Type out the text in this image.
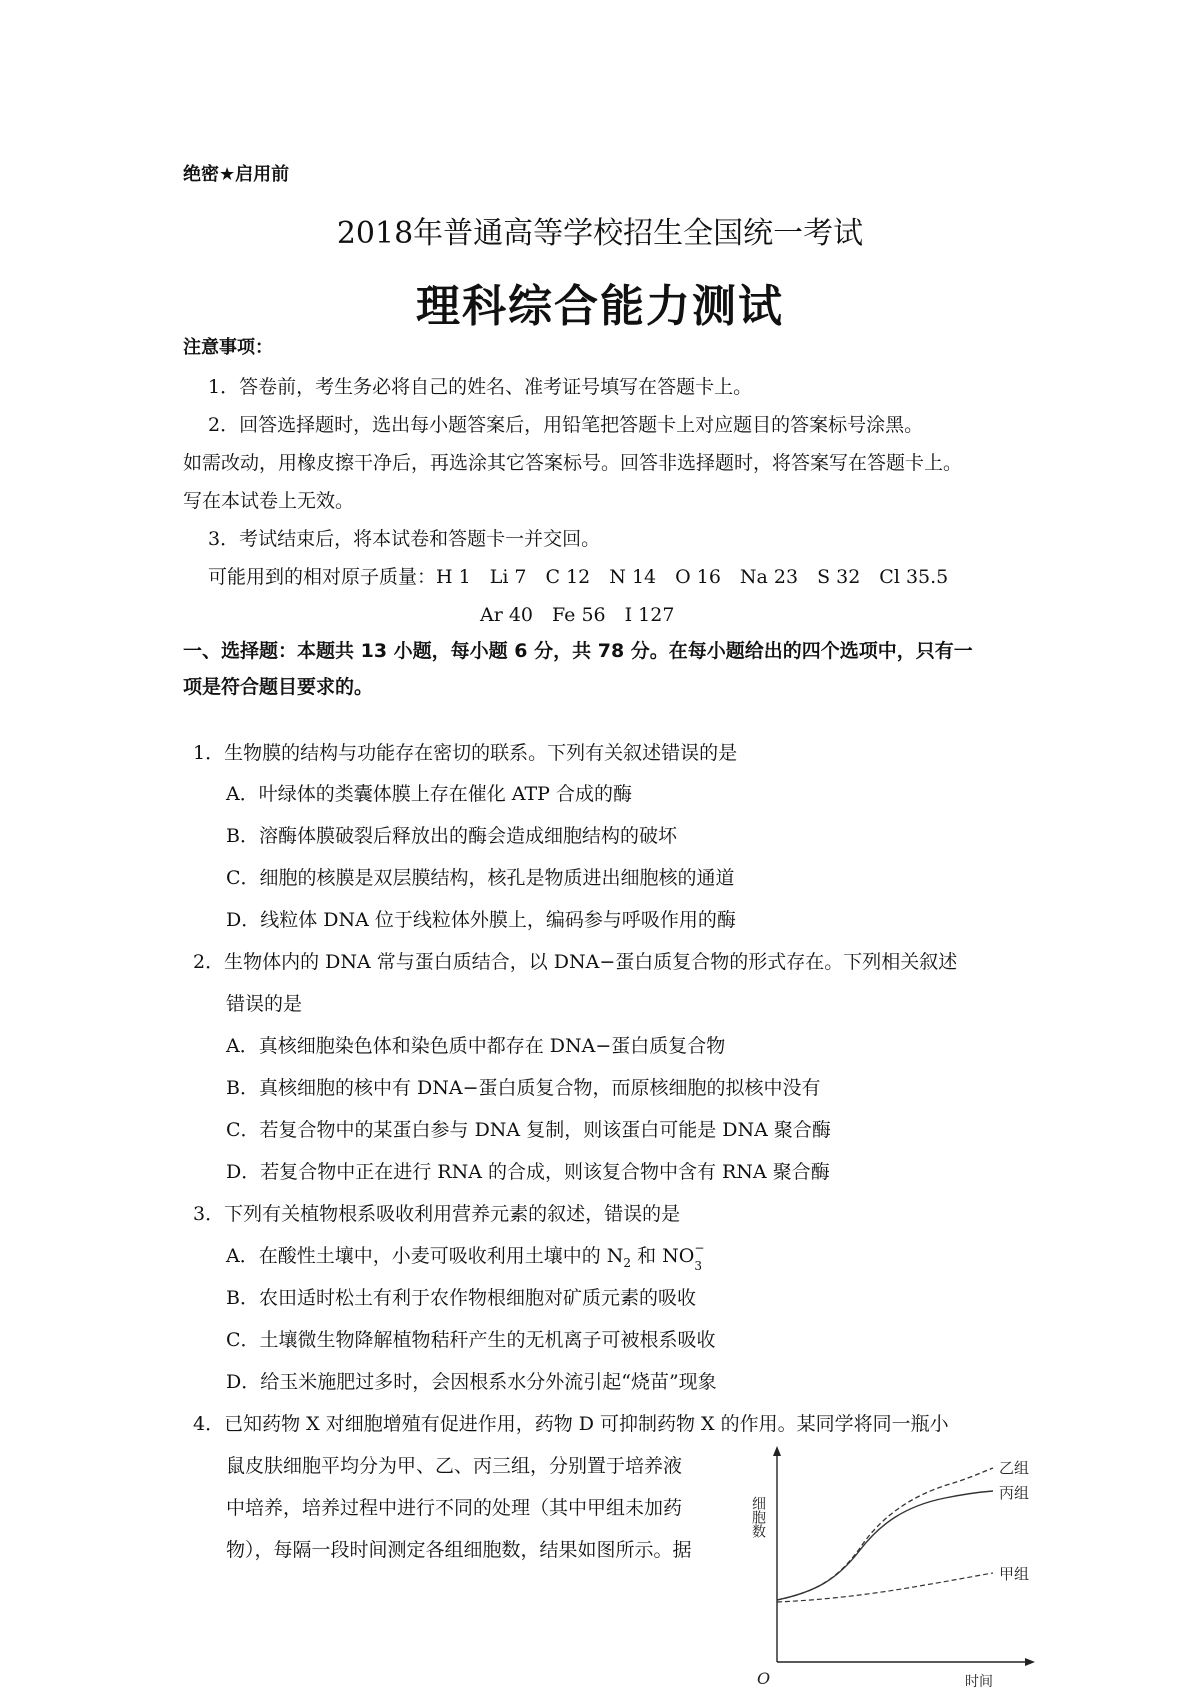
绝密★启用前
2018年普通高等学校招生全国统一考试
理科综合能力测试
注意事项：
1．答卷前，考生务必将自己的姓名、准考证号填写在答题卡上。
2．回答选择题时，选出每小题答案后，用铅笔把答题卡上对应题目的答案标号涂黑。
如需改动，用橡皮擦干净后，再选涂其它答案标号。回答非选择题时，将答案写在答题卡上。
写在本试卷上无效。
3．考试结束后，将本试卷和答题卡一并交回。
可能用到的相对原子质量：H 1　Li 7　C 12　N 14　O 16　Na 23　S 32　Cl 35.5
Ar 40　Fe 56　I 127
一、选择题：本题共 13 小题，每小题 6 分，共 78 分。在每小题给出的四个选项中，只有一
项是符合题目要求的。
1．生物膜的结构与功能存在密切的联系。下列有关叙述错误的是
A．叶绿体的类囊体膜上存在催化 ATP 合成的酶
B．溶酶体膜破裂后释放出的酶会造成细胞结构的破坏
C．细胞的核膜是双层膜结构，核孔是物质进出细胞核的通道
D．线粒体 DNA 位于线粒体外膜上，编码参与呼吸作用的酶
2．生物体内的 DNA 常与蛋白质结合，以 DNA−蛋白质复合物的形式存在。下列相关叙述
错误的是
A．真核细胞染色体和染色质中都存在 DNA−蛋白质复合物
B．真核细胞的核中有 DNA−蛋白质复合物，而原核细胞的拟核中没有
C．若复合物中的某蛋白参与 DNA 复制，则该蛋白可能是 DNA 聚合酶
D．若复合物中正在进行 RNA 的合成，则该复合物中含有 RNA 聚合酶
3．下列有关植物根系吸收利用营养元素的叙述，错误的是
A．在酸性土壤中，小麦可吸收利用土壤中的 $N_2$ 和 NO −
3
B．农田适时松土有利于农作物根细胞对矿质元素的吸收
C．土壤微生物降解植物秸秆产生的无机离子可被根系吸收
D．给玉米施肥过多时，会因根系水分外流引起“烧苗”现象
4．已知药物 X 对细胞增殖有促进作用，药物 D 可抑制药物 X 的作用。某同学将同一瓶小
鼠皮肤细胞平均分为甲、乙、丙三组，分别置于培养液
中培养，培养过程中进行不同的处理（其中甲组未加药
物），每隔一段时间测定各组细胞数，结果如图所示。据
乙组
丙组
甲组
细胞数
O	时间
